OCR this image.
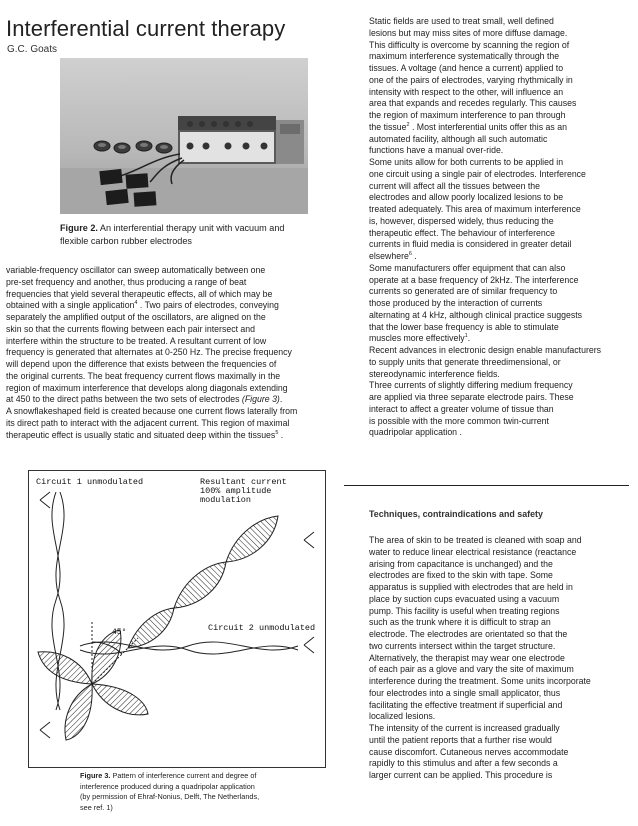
Interferential current therapy
G.C. Goats
Figure 2. An interferential therapy unit with vacuum and
flexible carbon rubber electrodes
variable-frequency oscillator can sweep automatically between one
pre-set frequency and another, thus producing a range of beat
frequencies that yield several therapeutic effects, all of which may be
obtained with a single application$^4$ . Two pairs of electrodes, conveying
separately the amplified output of the oscillators, are aligned on the
skin so that the currents flowing between each pair intersect and
interfere within the structure to be treated. A resultant current of low
frequency is generated that alternates at 0-250 Hz. The precise frequency
will depend upon the difference that exists between the frequencies of
the original currents. The beat frequency current flows maximally in the
region of maximum interference that develops along diagonals extending
at 450 to the direct paths between the two sets of electrodes (Figure 3).
A snowflakeshaped field is created because one current flows laterally from
its direct path to interact with the adjacent current. This region of maximal
therapeutic effect is usually static and situated deep within the tissues$^5$ .
Circuit 1 unmodulated	Resultant current
100% amplitude
modulation
Circuit 2 unmodulated
45°
Figure 3. Pattern of interference current and degree of
interference produced during a quadripolar application
(by permission of Ehraf-Nonius, Delft, The Netherlands,
see ref. 1)
Static fields are used to treat small, well defined
lesions but may miss sites of more diffuse damage.
This difficulty is overcome by scanning the region of
maximum interference systematically through the
tissues. A voltage (and hence a current) applied to
one of the pairs of electrodes, varying rhythmically in
intensity with respect to the other, will influence an
area that expands and recedes regularly. This causes
the region of maximum interference to pan through
the tissue$^2$ . Most interferential units offer this as an
automated facility, although all such automatic
functions have a manual over-ride.
Some units allow for both currents to be applied in
one circuit using a single pair of electrodes. Interference
current will affect all the tissues between the
electrodes and allow poorly localized lesions to be
treated adequately. This area of maximum interference
is, however, dispersed widely, thus reducing the
therapeutic effect. The behaviour of interference
currents in fluid media is considered in greater detail
elsewhere$^6$ .
Some manufacturers offer equipment that can also
operate at a base frequency of 2kHz. The interference
currents so generated are of similar frequency to
those produced by the interaction of currents
alternating at 4 kHz, although clinical practice suggests
that the lower base frequency is able to stimulate
muscles more effectively$^1$.
Recent advances in electronic design enable manufacturers
to supply units that generate threedimensional, or
stereodynamic interference fields.
Three currents of slightly differing medium frequency
are applied via three separate electrode pairs. These
interact to affect a greater volume of tissue than
is possible with the more common twin-current
quadripolar application .
Techniques, contraindications and safety
The area of skin to be treated is cleaned with soap and
water to reduce linear electrical resistance (reactance
arising from capacitance is unchanged) and the
electrodes are fixed to the skin with tape. Some
apparatus is supplied with electrodes that are held in
place by suction cups evacuated using a vacuum
pump. This facility is useful when treating regions
such as the trunk where it is difficult to strap an
electrode. The electrodes are orientated so that the
two currents intersect within the target structure.
Alternatively, the therapist may wear one electrode
of each pair as a glove and vary the site of maximum
interference during the treatment. Some units incorporate
four electrodes into a single small applicator, thus
facilitating the effective treatment if superficial and
localized lesions.
The intensity of the current is increased gradually
until the patient reports that a further rise would
cause discomfort. Cutaneous nerves accommodate
rapidly to this stimulus and after a few seconds a
larger current can be applied. This procedure is
